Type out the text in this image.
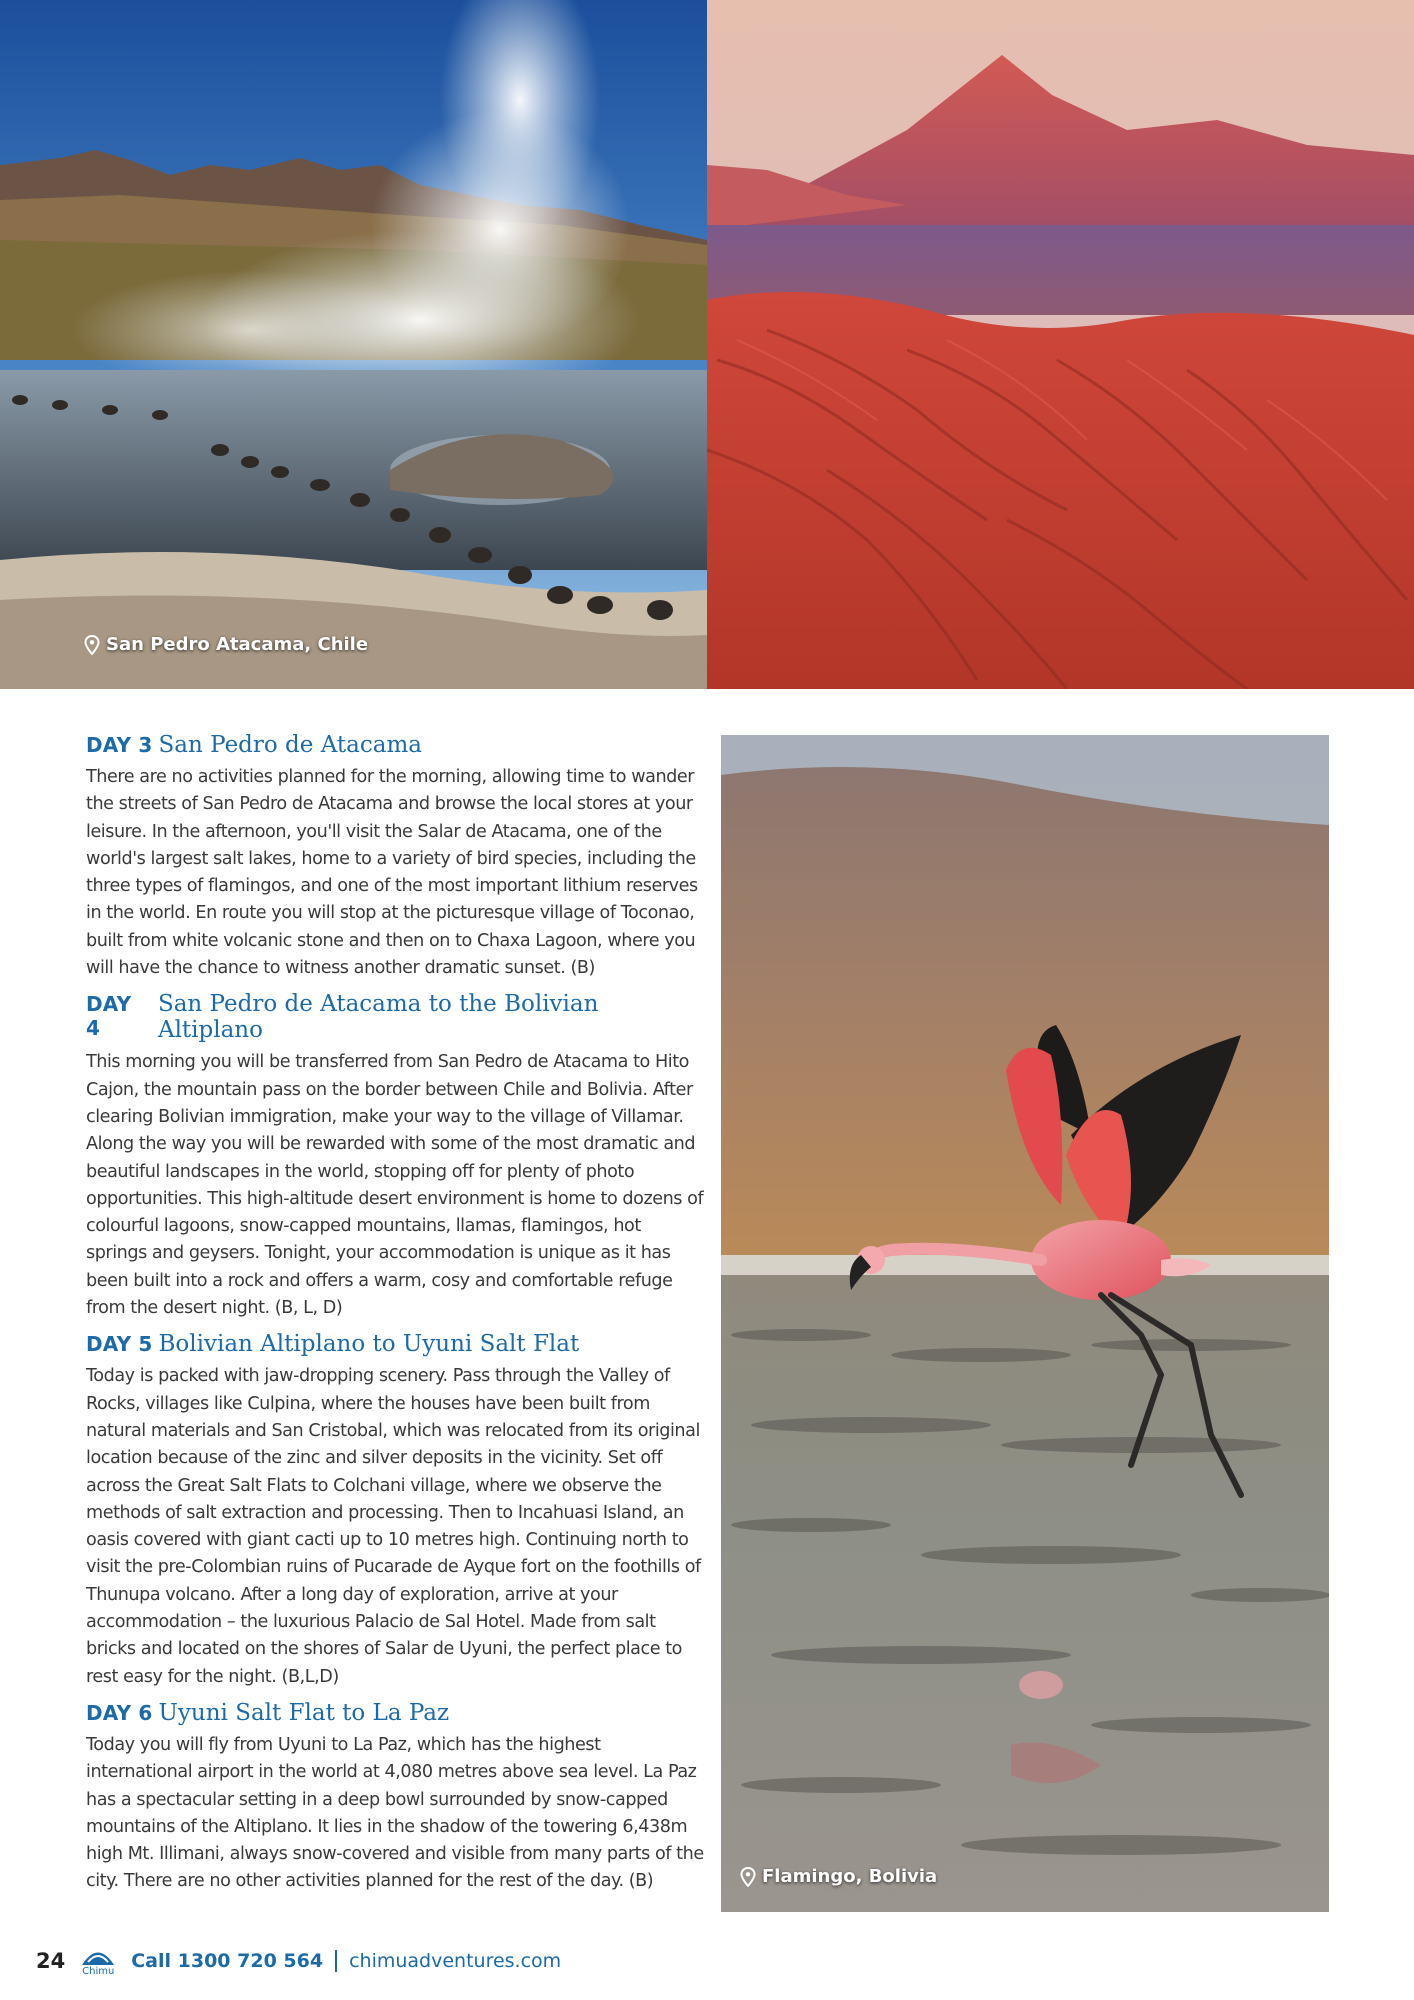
San Pedro Atacama, Chile
DAY 3 San Pedro de Atacama

There are no activities planned for the morning, allowing time to wander the streets of San Pedro de Atacama and browse the local stores at your leisure. In the afternoon, you'll visit the Salar de Atacama, one of the world's largest salt lakes, home to a variety of bird species, including the three types of flamingos, and one of the most important lithium reserves in the world. En route you will stop at the picturesque village of Toconao, built from white volcanic stone and then on to Chaxa Lagoon, where you will have the chance to witness another dramatic sunset. (B)

DAY 4
San Pedro de Atacama to the Bolivian Altiplano

This morning you will be transferred from San Pedro de Atacama to Hito Cajon, the mountain pass on the border between Chile and Bolivia. After clearing Bolivian immigration, make your way to the village of Villamar. Along the way you will be rewarded with some of the most dramatic and beautiful landscapes in the world, stopping off for plenty of photo opportunities. This high-altitude desert environment is home to dozens of colourful lagoons, snow-capped mountains, llamas, flamingos, hot springs and geysers. Tonight, your accommodation is unique as it has been built into a rock and offers a warm, cosy and comfortable refuge from the desert night. (B, L, D)

DAY 5 Bolivian Altiplano to Uyuni Salt Flat

Today is packed with jaw-dropping scenery. Pass through the Valley of Rocks, villages like Culpina, where the houses have been built from natural materials and San Cristobal, which was relocated from its original location because of the zinc and silver deposits in the vicinity. Set off across the Great Salt Flats to Colchani village, where we observe the methods of salt extraction and processing. Then to Incahuasi Island, an oasis covered with giant cacti up to 10 metres high. Continuing north to visit the pre-Colombian ruins of Pucarade de Ayque fort on the foothills of Thunupa volcano. After a long day of exploration, arrive at your accommodation – the luxurious Palacio de Sal Hotel. Made from salt bricks and located on the shores of Salar de Uyuni, the perfect place to rest easy for the night. (B,L,D)

DAY 6 Uyuni Salt Flat to La Paz

Today you will fly from Uyuni to La Paz, which has the highest international airport in the world at 4,080 metres above sea level. La Paz has a spectacular setting in a deep bowl surrounded by snow-capped mountains of the Altiplano. It lies in the shadow of the towering 6,438m high Mt. Illimani, always snow-covered and visible from many parts of the city. There are no other activities planned for the rest of the day. (B)	Flamingo, Bolivia
24 Chimu Call 1300 720 564 chimuadventures.com
